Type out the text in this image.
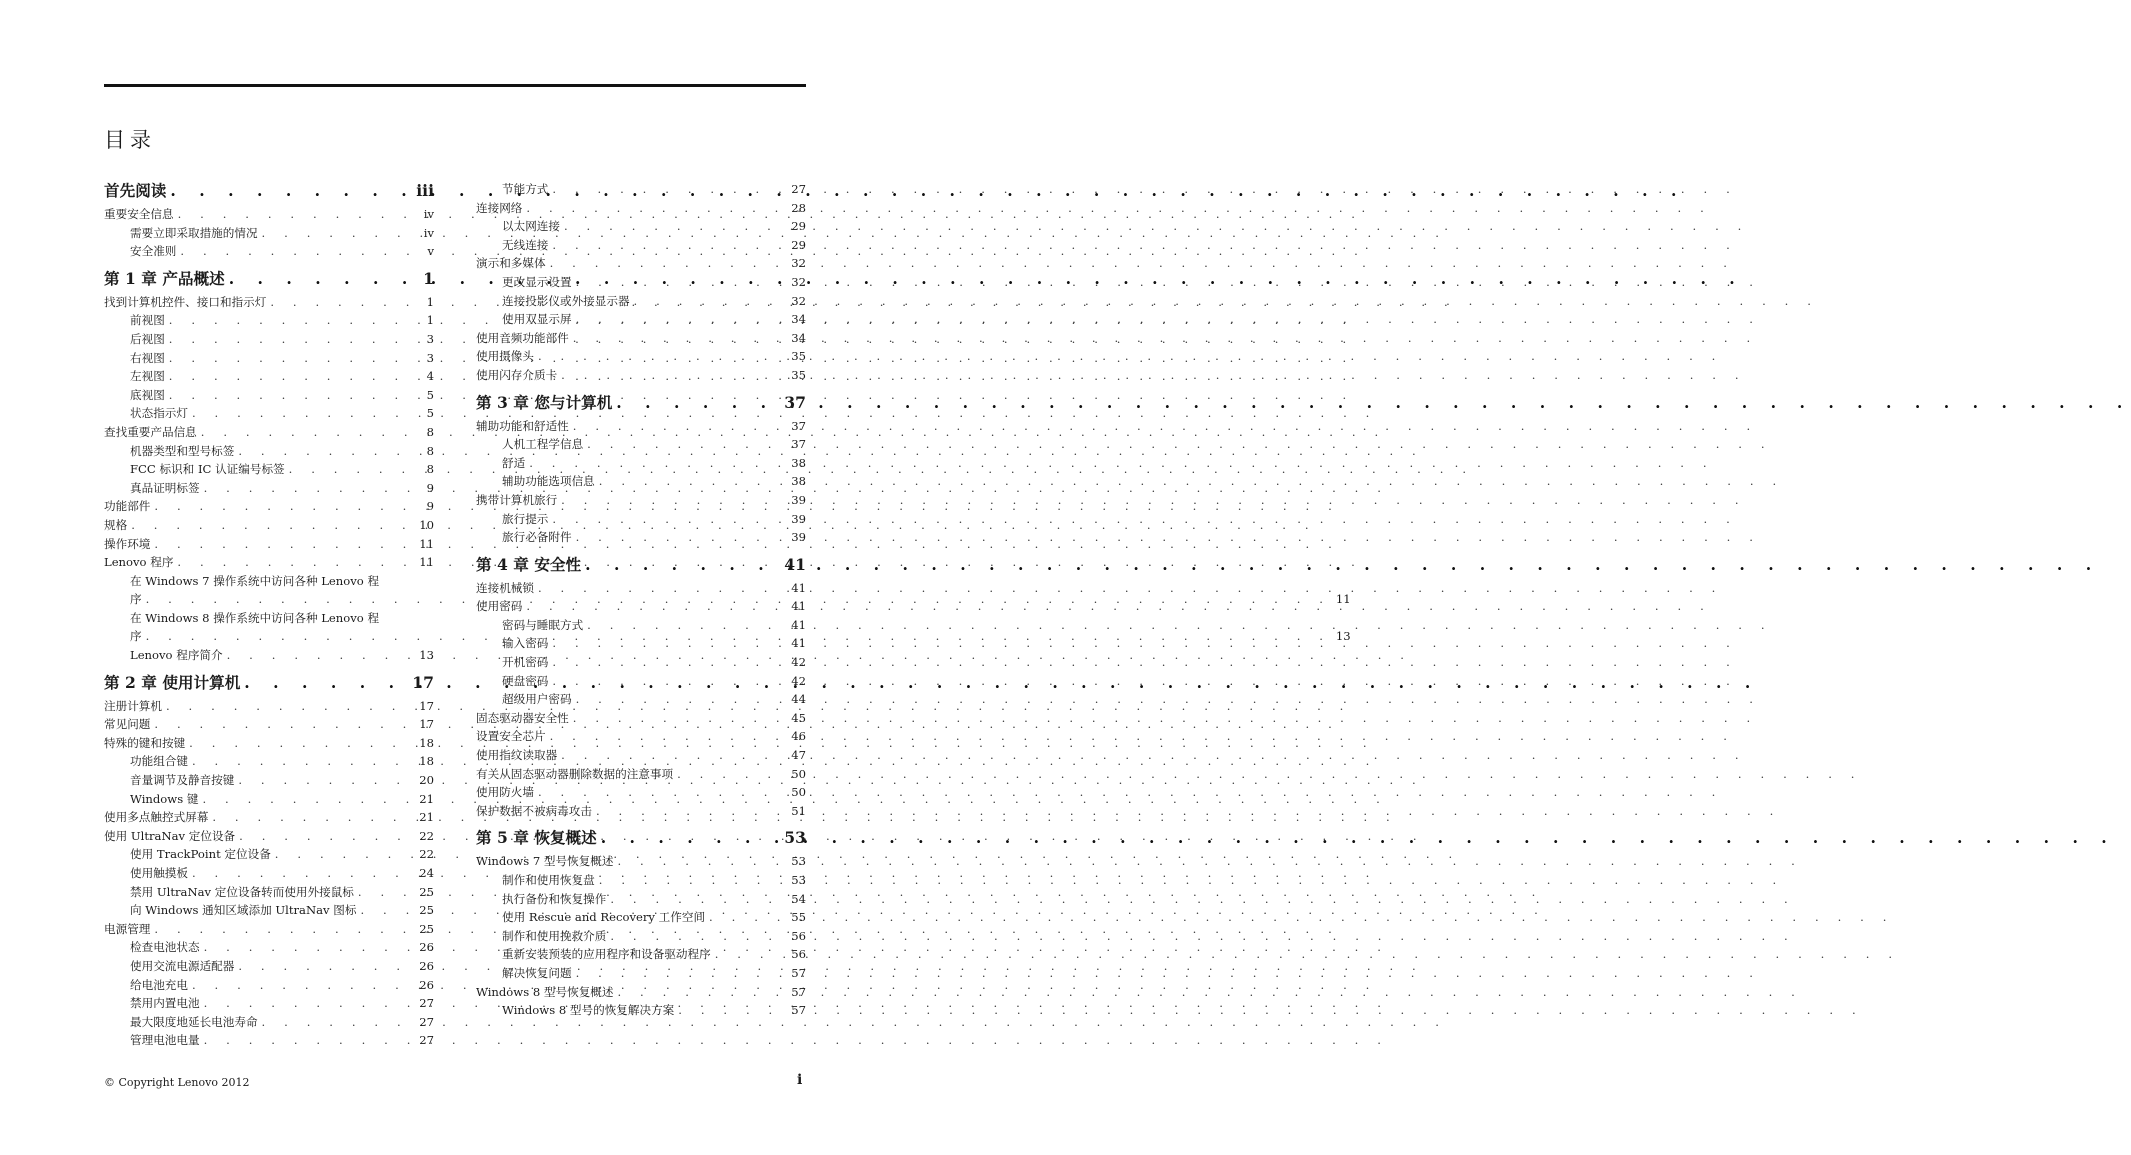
目录
首先阅读 . . .	iii
重要安全信息 . . .	iv
需要立即采取措施的情况 . . .	iv
安全准则 . . .	v
第 1 章 产品概述 . . .	1
找到计算机控件、接口和指示灯 . . .	1
前视图 . . .	1
后视图 . . .	3
右视图 . . .	3
左视图 . . .	4
底视图 . . .	5
状态指示灯 . . .	5
查找重要产品信息 . . .	8
机器类型和型号标签 . . .	8
FCC 标识和 IC 认证编号标签 . . .	8
真品证明标签 . . .	9
功能部件 . . .	9
规格 . . .	10
操作环境 . . .	11
Lenovo 程序 . . .	11
在 Windows 7 操作系统中访问各种 Lenovo 程
序 . . .	11
在 Windows 8 操作系统中访问各种 Lenovo 程
序 . . .	13
Lenovo 程序简介 . . .	13
第 2 章 使用计算机 . . .	17
注册计算机 . . .	17
常见问题 . . .	17
特殊的键和按键 . . .	18
功能组合键 . . .	18
音量调节及静音按键 . . .	20
Windows 键 . . .	21
使用多点触控式屏幕 . . .	21
使用 UltraNav 定位设备 . . .	22
使用 TrackPoint 定位设备 . . .	22
使用触摸板 . . .	24
禁用 UltraNav 定位设备转而使用外接鼠标 . . .	25
向 Windows 通知区域添加 UltraNav 图标 . . .	25
电源管理 . . .	25
检查电池状态 . . .	26
使用交流电源适配器 . . .	26
给电池充电 . . .	26
禁用内置电池 . . .	27
最大限度地延长电池寿命 . . .	27
管理电池电量 . . .	27
节能方式 . . .	27
连接网络 . . .	28
以太网连接 . . .	29
无线连接 . . .	29
演示和多媒体 . . .	32
更改显示设置 . . .	32
连接投影仪或外接显示器 . . .	32
使用双显示屏 . . .	34
使用音频功能部件 . . .	34
使用摄像头 . . .	35
使用闪存介质卡 . . .	35
第 3 章 您与计算机 . . .	37
辅助功能和舒适性 . . .	37
人机工程学信息 . . .	37
舒适 . . .	38
辅助功能选项信息 . . .	38
携带计算机旅行 . . .	39
旅行提示 . . .	39
旅行必备附件 . . .	39
第 4 章 安全性 . . .	41
连接机械锁 . . .	41
使用密码 . . .	41
密码与睡眠方式 . . .	41
输入密码 . . .	41
开机密码 . . .	42
硬盘密码 . . .	42
超级用户密码 . . .	44
固态驱动器安全性 . . .	45
设置安全芯片 . . .	46
使用指纹读取器 . . .	47
有关从固态驱动器删除数据的注意事项 . . .	50
使用防火墙 . . .	50
保护数据不被病毒攻击 . . .	51
第 5 章 恢复概述 . . .	53
Windows 7 型号恢复概述 . . .	53
制作和使用恢复盘 . . .	53
执行备份和恢复操作 . . .	54
使用 Rescue and Recovery 工作空间 . . .	55
制作和使用挽救介质 . . .	56
重新安装预装的应用程序和设备驱动程序 . . .	56
解决恢复问题 . . .	57
Windows 8 型号恢复概述 . . .	57
Windows 8 型号的恢复解决方案 . . .	57
© Copyright Lenovo 2012	i
